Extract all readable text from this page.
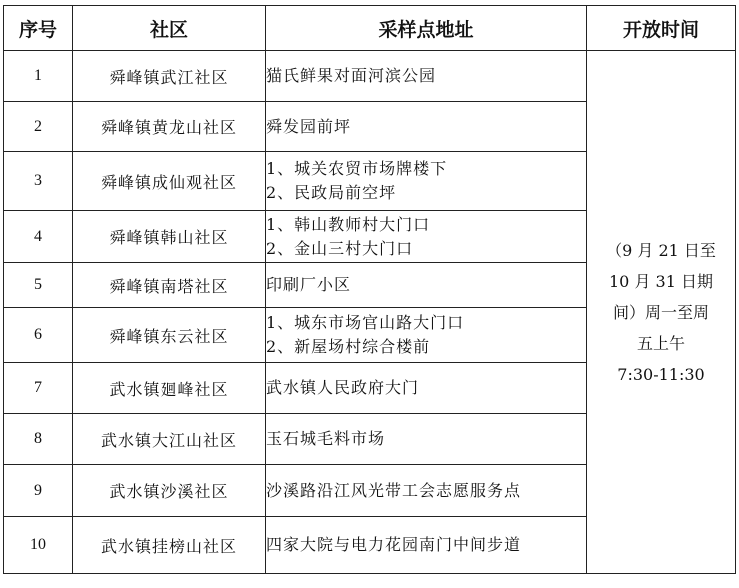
序号	社区	采样点地址	开放时间
1	舜峰镇武江社区	猫氏鲜果对面河滨公园	（9 月 21 日至
10 月 31 日期
间）周一至周
五上午
7:30-11:30

2	舜峰镇黄龙山社区	舜发园前坪	

3	舜峰镇成仙观社区	1、城关农贸市场牌楼下
2、民政局前空坪	

4	舜峰镇韩山社区	1、韩山教师村大门口
2、金山三村大门口	

5	舜峰镇南塔社区	印刷厂小区	

6	舜峰镇东云社区	1、城东市场官山路大门口
2、新屋场村综合楼前	

7	武水镇廻峰社区	武水镇人民政府大门	

8	武水镇大江山社区	玉石城毛料市场	

9	武水镇沙溪社区	沙溪路沿江风光带工会志愿服务点	

10	武水镇挂榜山社区	四家大院与电力花园南门中间步道	
